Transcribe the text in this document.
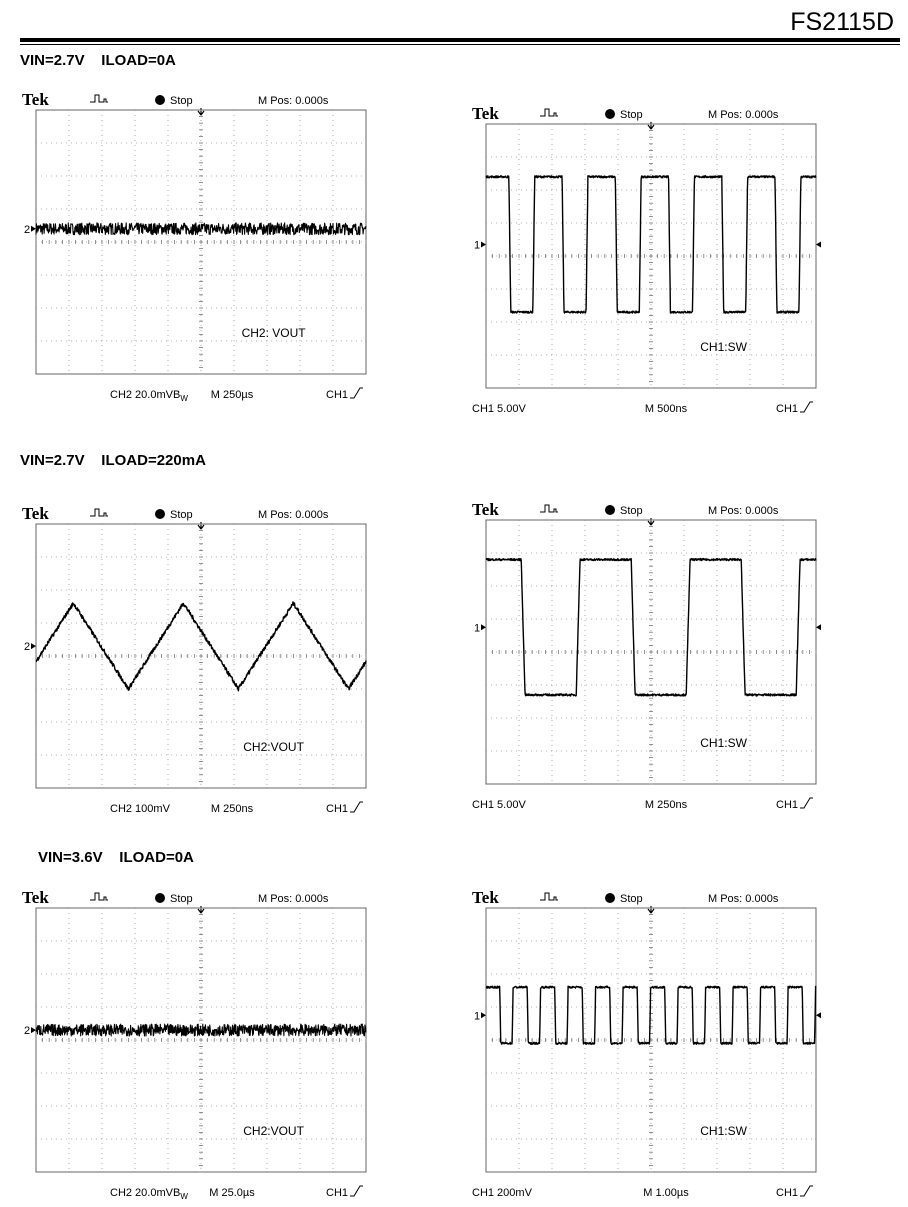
FS2115D
VIN=2.7V    ILOAD=0A
VIN=2.7V    ILOAD=220mA
VIN=3.6V    ILOAD=0A
Tek	Stop	M Pos: 0.000s
2
CH2: VOUT
CH2 20.0mVB$_W$ M 250µs	CH1
Tek	Stop	M Pos: 0.000s
1
CH1:SW
CH1 5.00V	M 500ns	CH1
Tek	Stop	M Pos: 0.000s
2
CH2:VOUT
CH2 100mV	M 250ns	CH1
Tek	Stop	M Pos: 0.000s
1
CH1:SW
CH1 5.00V	M 250ns	CH1
Tek	Stop	M Pos: 0.000s
2
CH2:VOUT
CH2 20.0mVB$_W$ M 25.0µs	CH1
Tek	Stop	M Pos: 0.000s
1
CH1:SW
CH1 200mV	M 1.00µs	CH1
